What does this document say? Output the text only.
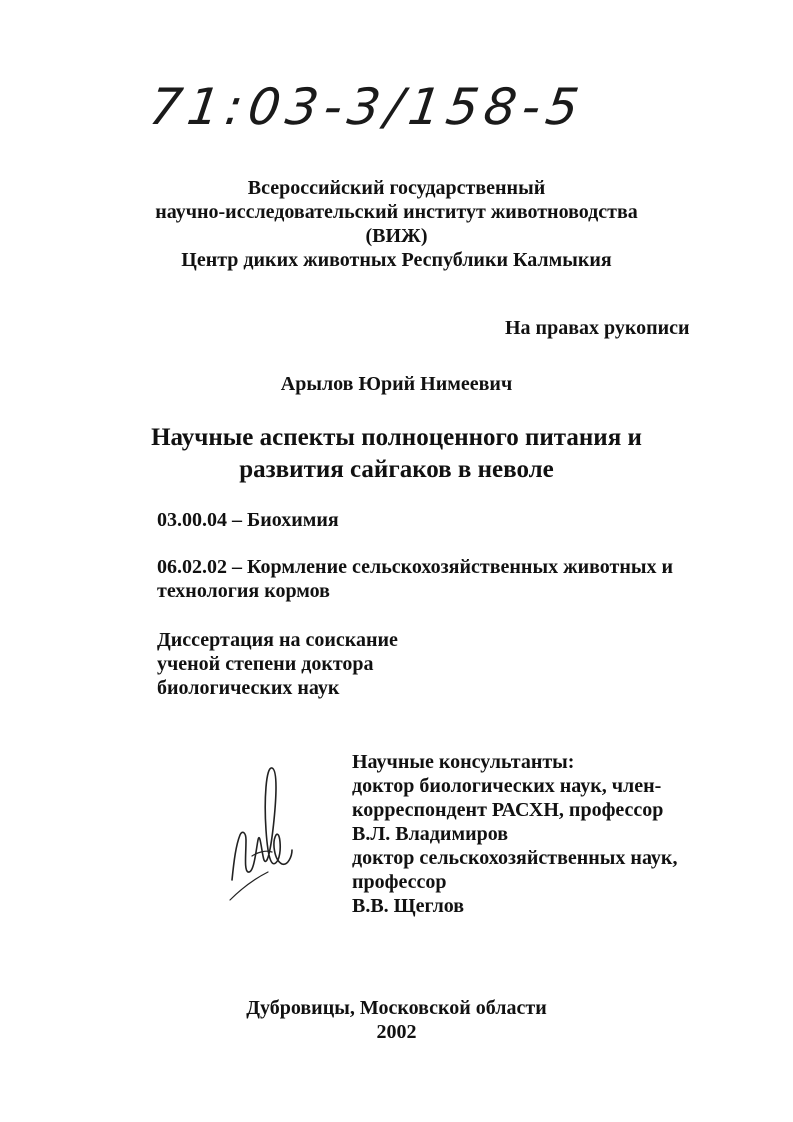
71:03-3/158-5
Всероссийский государственный
научно-исследовательский институт животноводства
(ВИЖ)
Центр диких животных Республики Калмыкия
На правах рукописи
Арылов Юрий Нимеевич
Научные аспекты полноценного питания и
развития сайгаков в неволе
03.00.04 – Биохимия
06.02.02 – Кормление сельскохозяйственных животных и
технология кормов
Диссертация на соискание
ученой степени доктора
биологических наук
Научные консультанты:
доктор биологических наук, член-
корреспондент РАСХН, профессор
В.Л. Владимиров
доктор сельскохозяйственных наук,
профессор
В.В. Щеглов
Дубровицы, Московской области
2002
